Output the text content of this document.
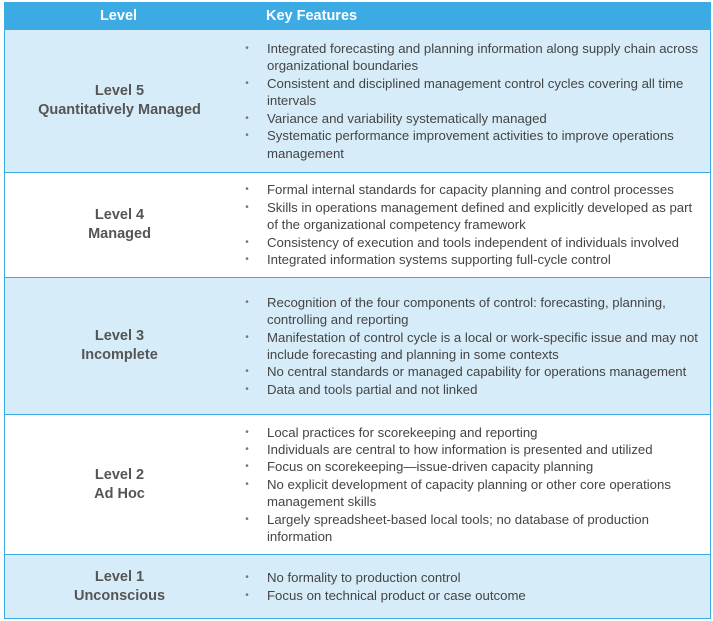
Level	Key Features
Level 5
Quantitatively Managed
•	Integrated forecasting and planning information along supply chain across organizational boundaries
•	Consistent and disciplined management control cycles covering all time intervals
•	Variance and variability systematically managed
•	Systematic performance improvement activities to improve operations management
Level 4
Managed
•	Formal internal standards for capacity planning and control processes
•	Skills in operations management defined and explicitly developed as part of the organizational competency framework
•	Consistency of execution and tools independent of individuals involved
•	Integrated information systems supporting full-cycle control
Level 3
Incomplete
•	Recognition of the four components of control: forecasting, planning, controlling and reporting
•	Manifestation of control cycle is a local or work-specific issue and may not include forecasting and planning in some contexts
•	No central standards or managed capability for operations management
•	Data and tools partial and not linked
Level 2
Ad Hoc
•	Local practices for scorekeeping and reporting
•	Individuals are central to how information is presented and utilized
•	Focus on scorekeeping—issue-driven capacity planning
•	No explicit development of capacity planning or other core operations management skills
•	Largely spreadsheet-based local tools; no database of production information
Level 1
Unconscious
•	No formality to production control
•	Focus on technical product or case outcome
